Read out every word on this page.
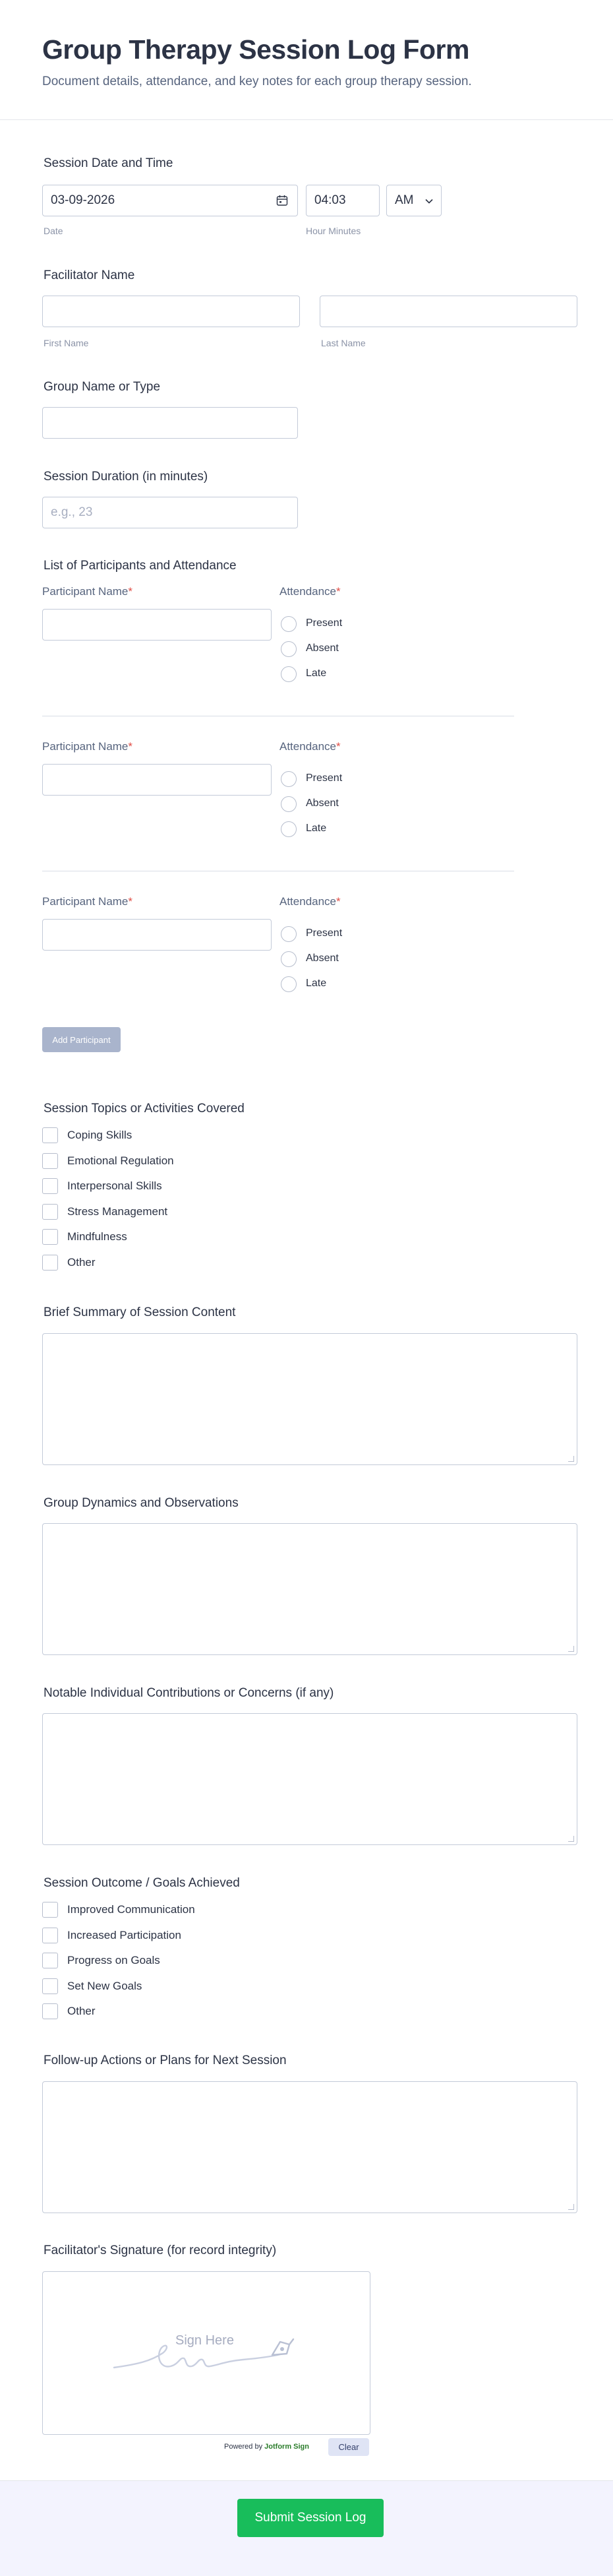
Group Therapy Session Log Form

Document details, attendance, and key notes for each group therapy session.

Session Date and Time
03-09-2026
Date
04:03	AM
Hour Minutes
Facilitator Name
First Name	Last Name
Group Name or Type
Session Duration (in minutes)
e.g., 23
List of Participants and Attendance
Participant Name*	Attendance*
Present
Absent
Late
Participant Name*	Attendance*
Present
Absent
Late
Participant Name*	Attendance*
Present
Absent
Late
Add Participant
Session Topics or Activities Covered
Coping Skills
Emotional Regulation
Interpersonal Skills
Stress Management
Mindfulness
Other
Brief Summary of Session Content
Group Dynamics and Observations
Notable Individual Contributions or Concerns (if any)
Session Outcome / Goals Achieved
Improved Communication
Increased Participation
Progress on Goals
Set New Goals
Other
Follow-up Actions or Plans for Next Session
Facilitator's Signature (for record integrity)
Sign Here
Powered by Jotform Sign	Clear
Submit Session Log
